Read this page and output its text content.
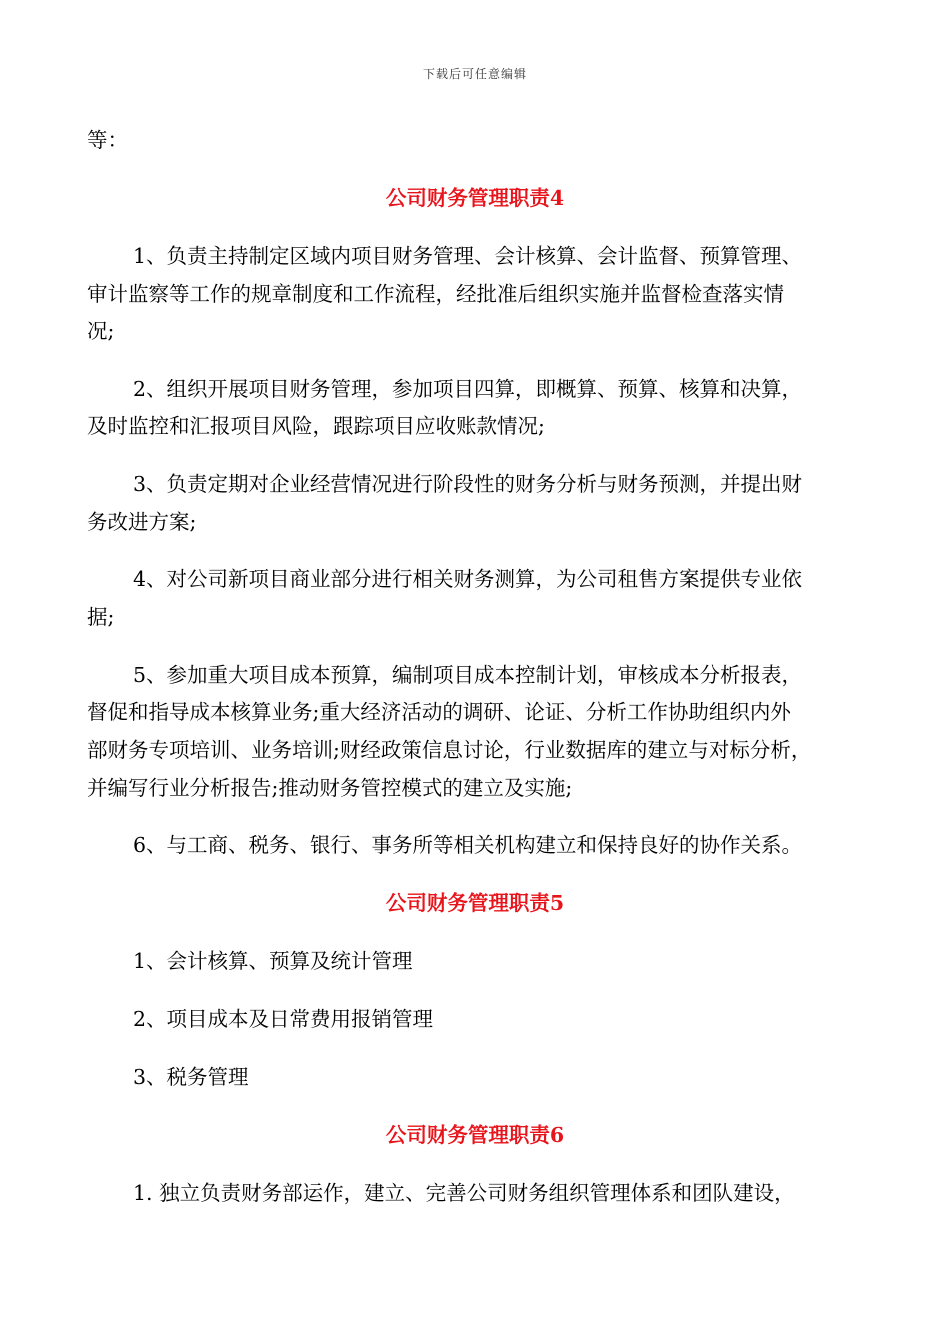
下载后可任意编辑
等：
公司财务管理职责4
1、负责主持制定区域内项目财务管理、会计核算、会计监督、预算管理、
审计监察等工作的规章制度和工作流程，经批准后组织实施并监督检查落实情
况;
2、组织开展项目财务管理，参加项目四算，即概算、预算、核算和决算，
及时监控和汇报项目风险，跟踪项目应收账款情况;
3、负责定期对企业经营情况进行阶段性的财务分析与财务预测，并提出财
务改进方案;
4、对公司新项目商业部分进行相关财务测算，为公司租售方案提供专业依
据;
5、参加重大项目成本预算，编制项目成本控制计划，审核成本分析报表，
督促和指导成本核算业务;重大经济活动的调研、论证、分析工作协助组织内外
部财务专项培训、业务培训;财经政策信息讨论，行业数据库的建立与对标分析，
并编写行业分析报告;推动财务管控模式的建立及实施;
6、与工商、税务、银行、事务所等相关机构建立和保持良好的协作关系。
公司财务管理职责5
1、会计核算、预算及统计管理
2、项目成本及日常费用报销管理
3、税务管理
公司财务管理职责6
1. 独立负责财务部运作，建立、完善公司财务组织管理体系和团队建设，
